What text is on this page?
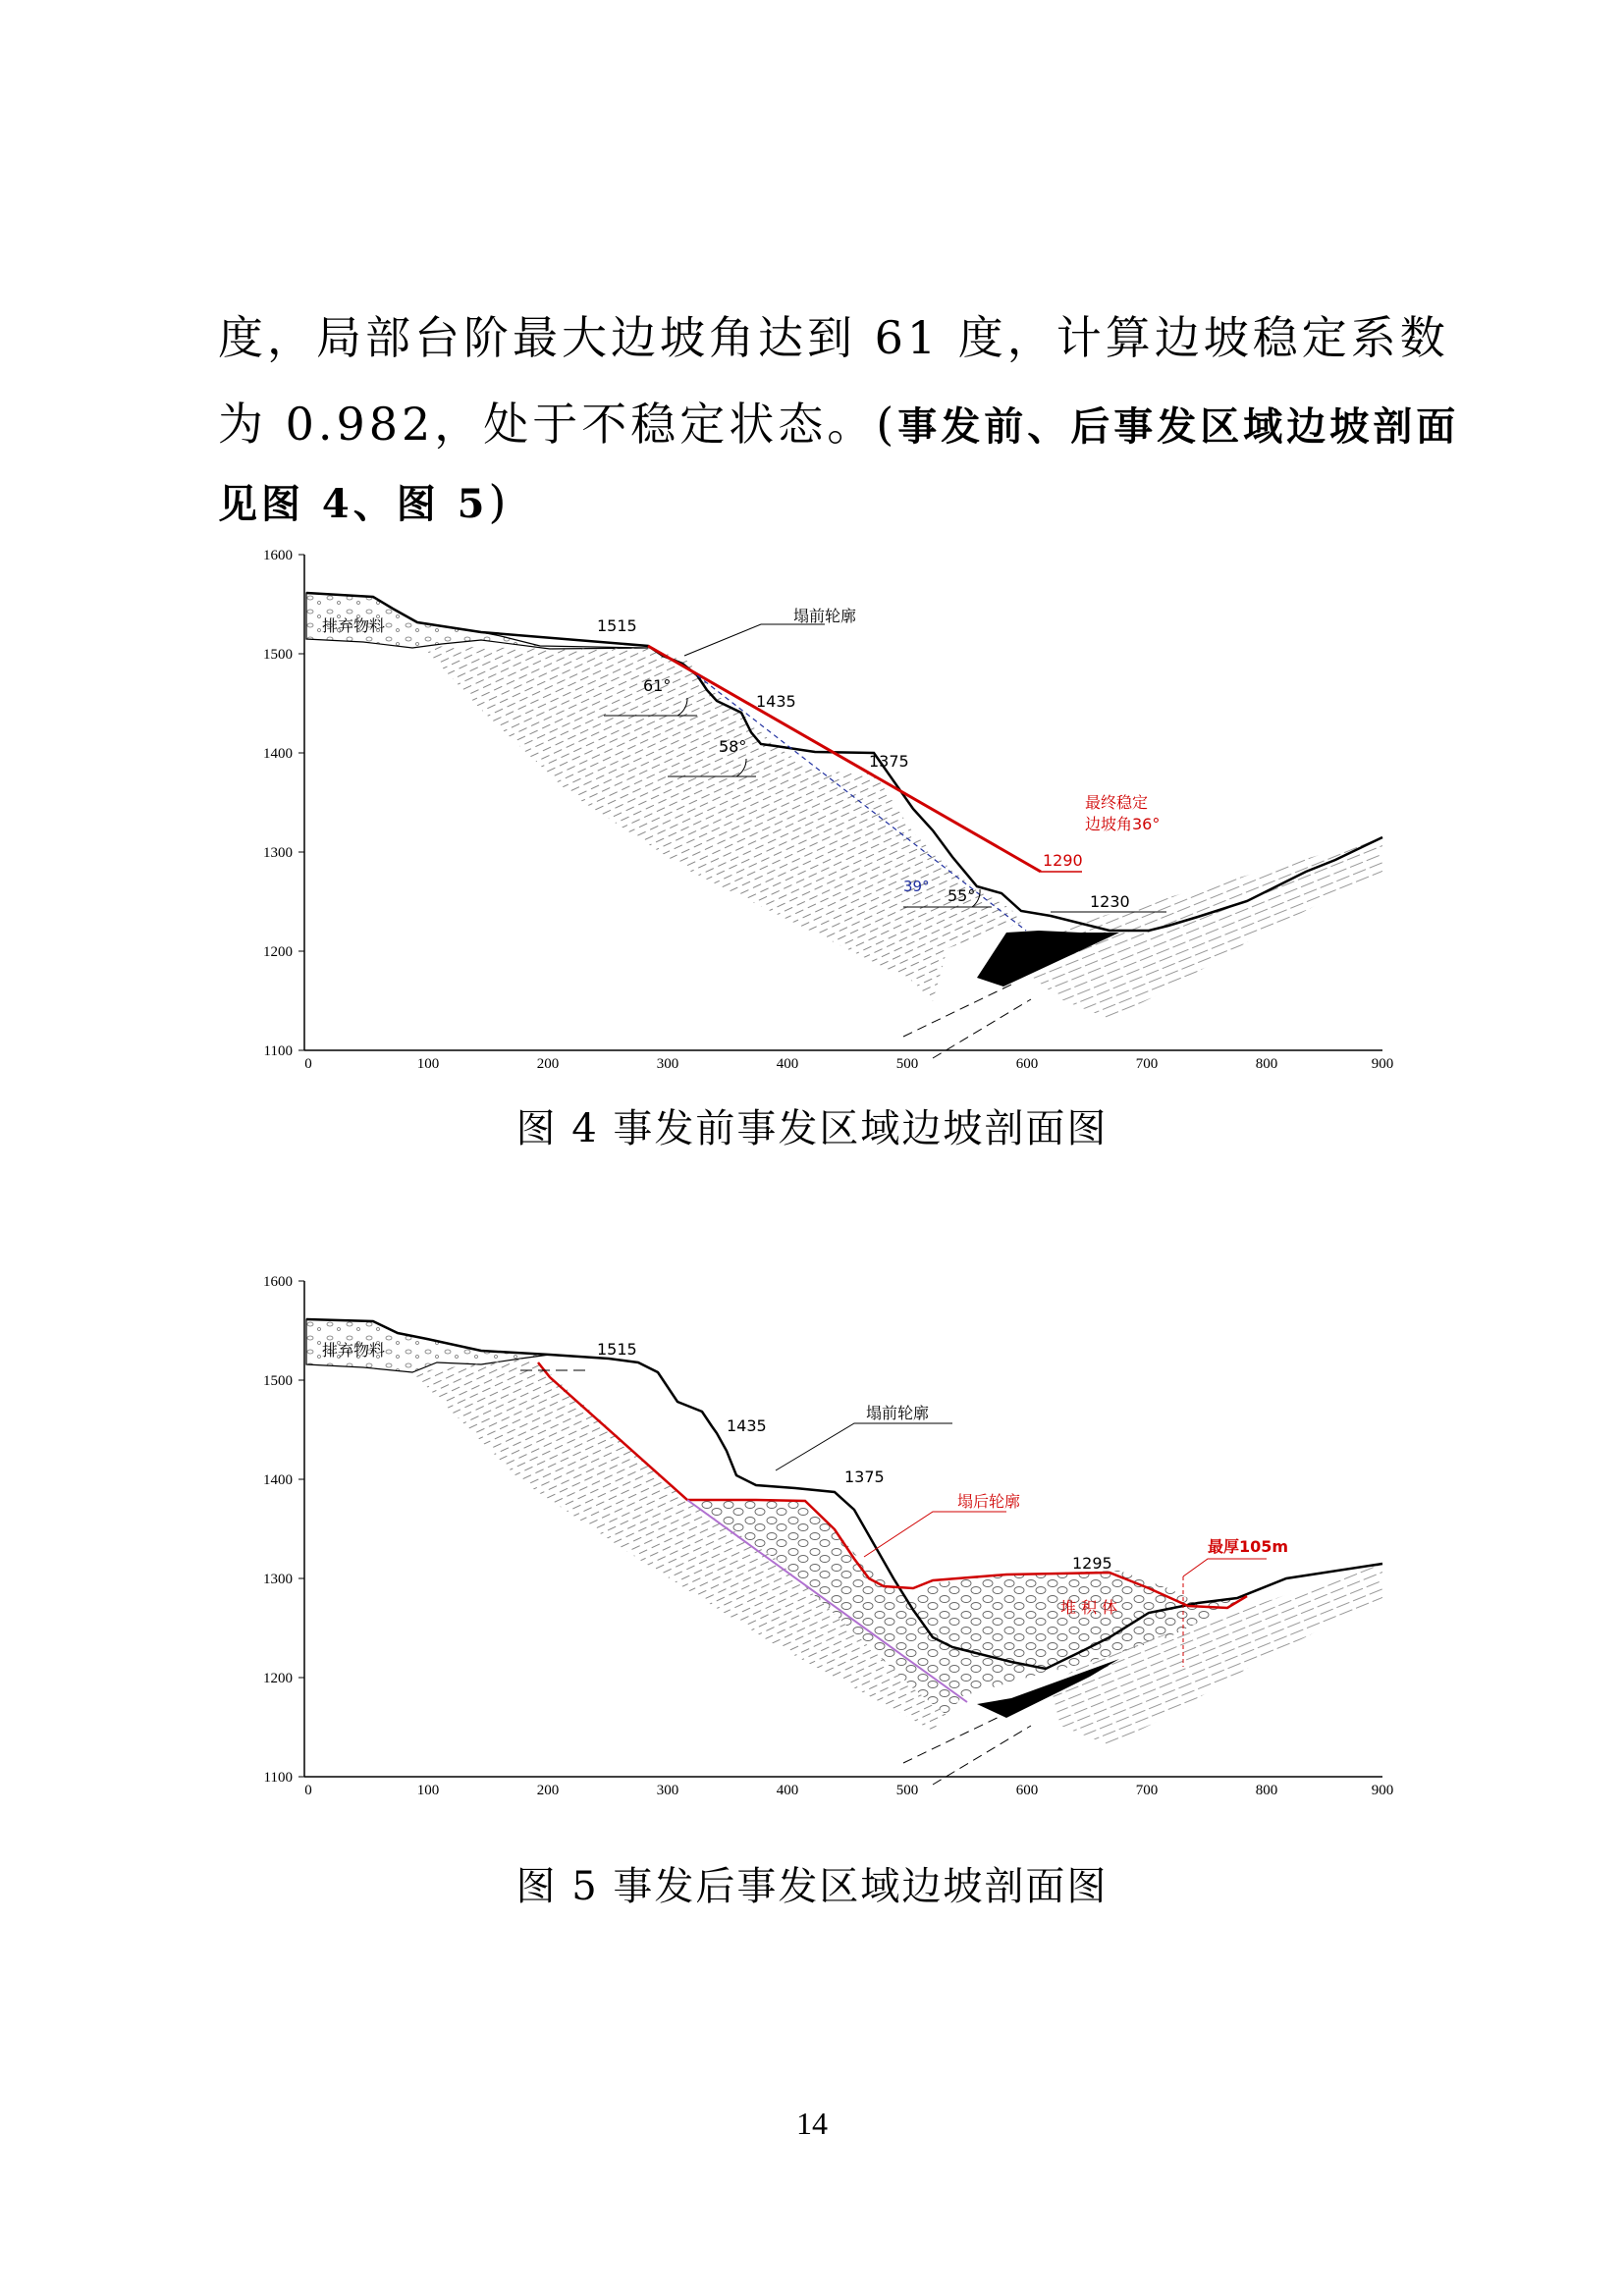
度，局部台阶最大边坡角达到 61 度，计算边坡稳定系数
为 0.982，处于不稳定状态。(事发前、后事发区域边坡剖面
见图 4、图 5)
1600
1500
1400
1300
1200
1100
0	100	200	300	400	500	600	700	800	900
排弃物料
塌前轮廓
1515
1435
1375
1290
1230
61°
58°
55°
39°
最终稳定
边坡角36°
图 4 事发前事发区域边坡剖面图
1600
1500
1400
1300
1200
1100
0	100	200	300	400	500	600	700	800	900
排弃物料	1515
1435
1375
1295
塌前轮廓
塌后轮廓
堆 积 体
最厚105m
图 5 事发后事发区域边坡剖面图
14
